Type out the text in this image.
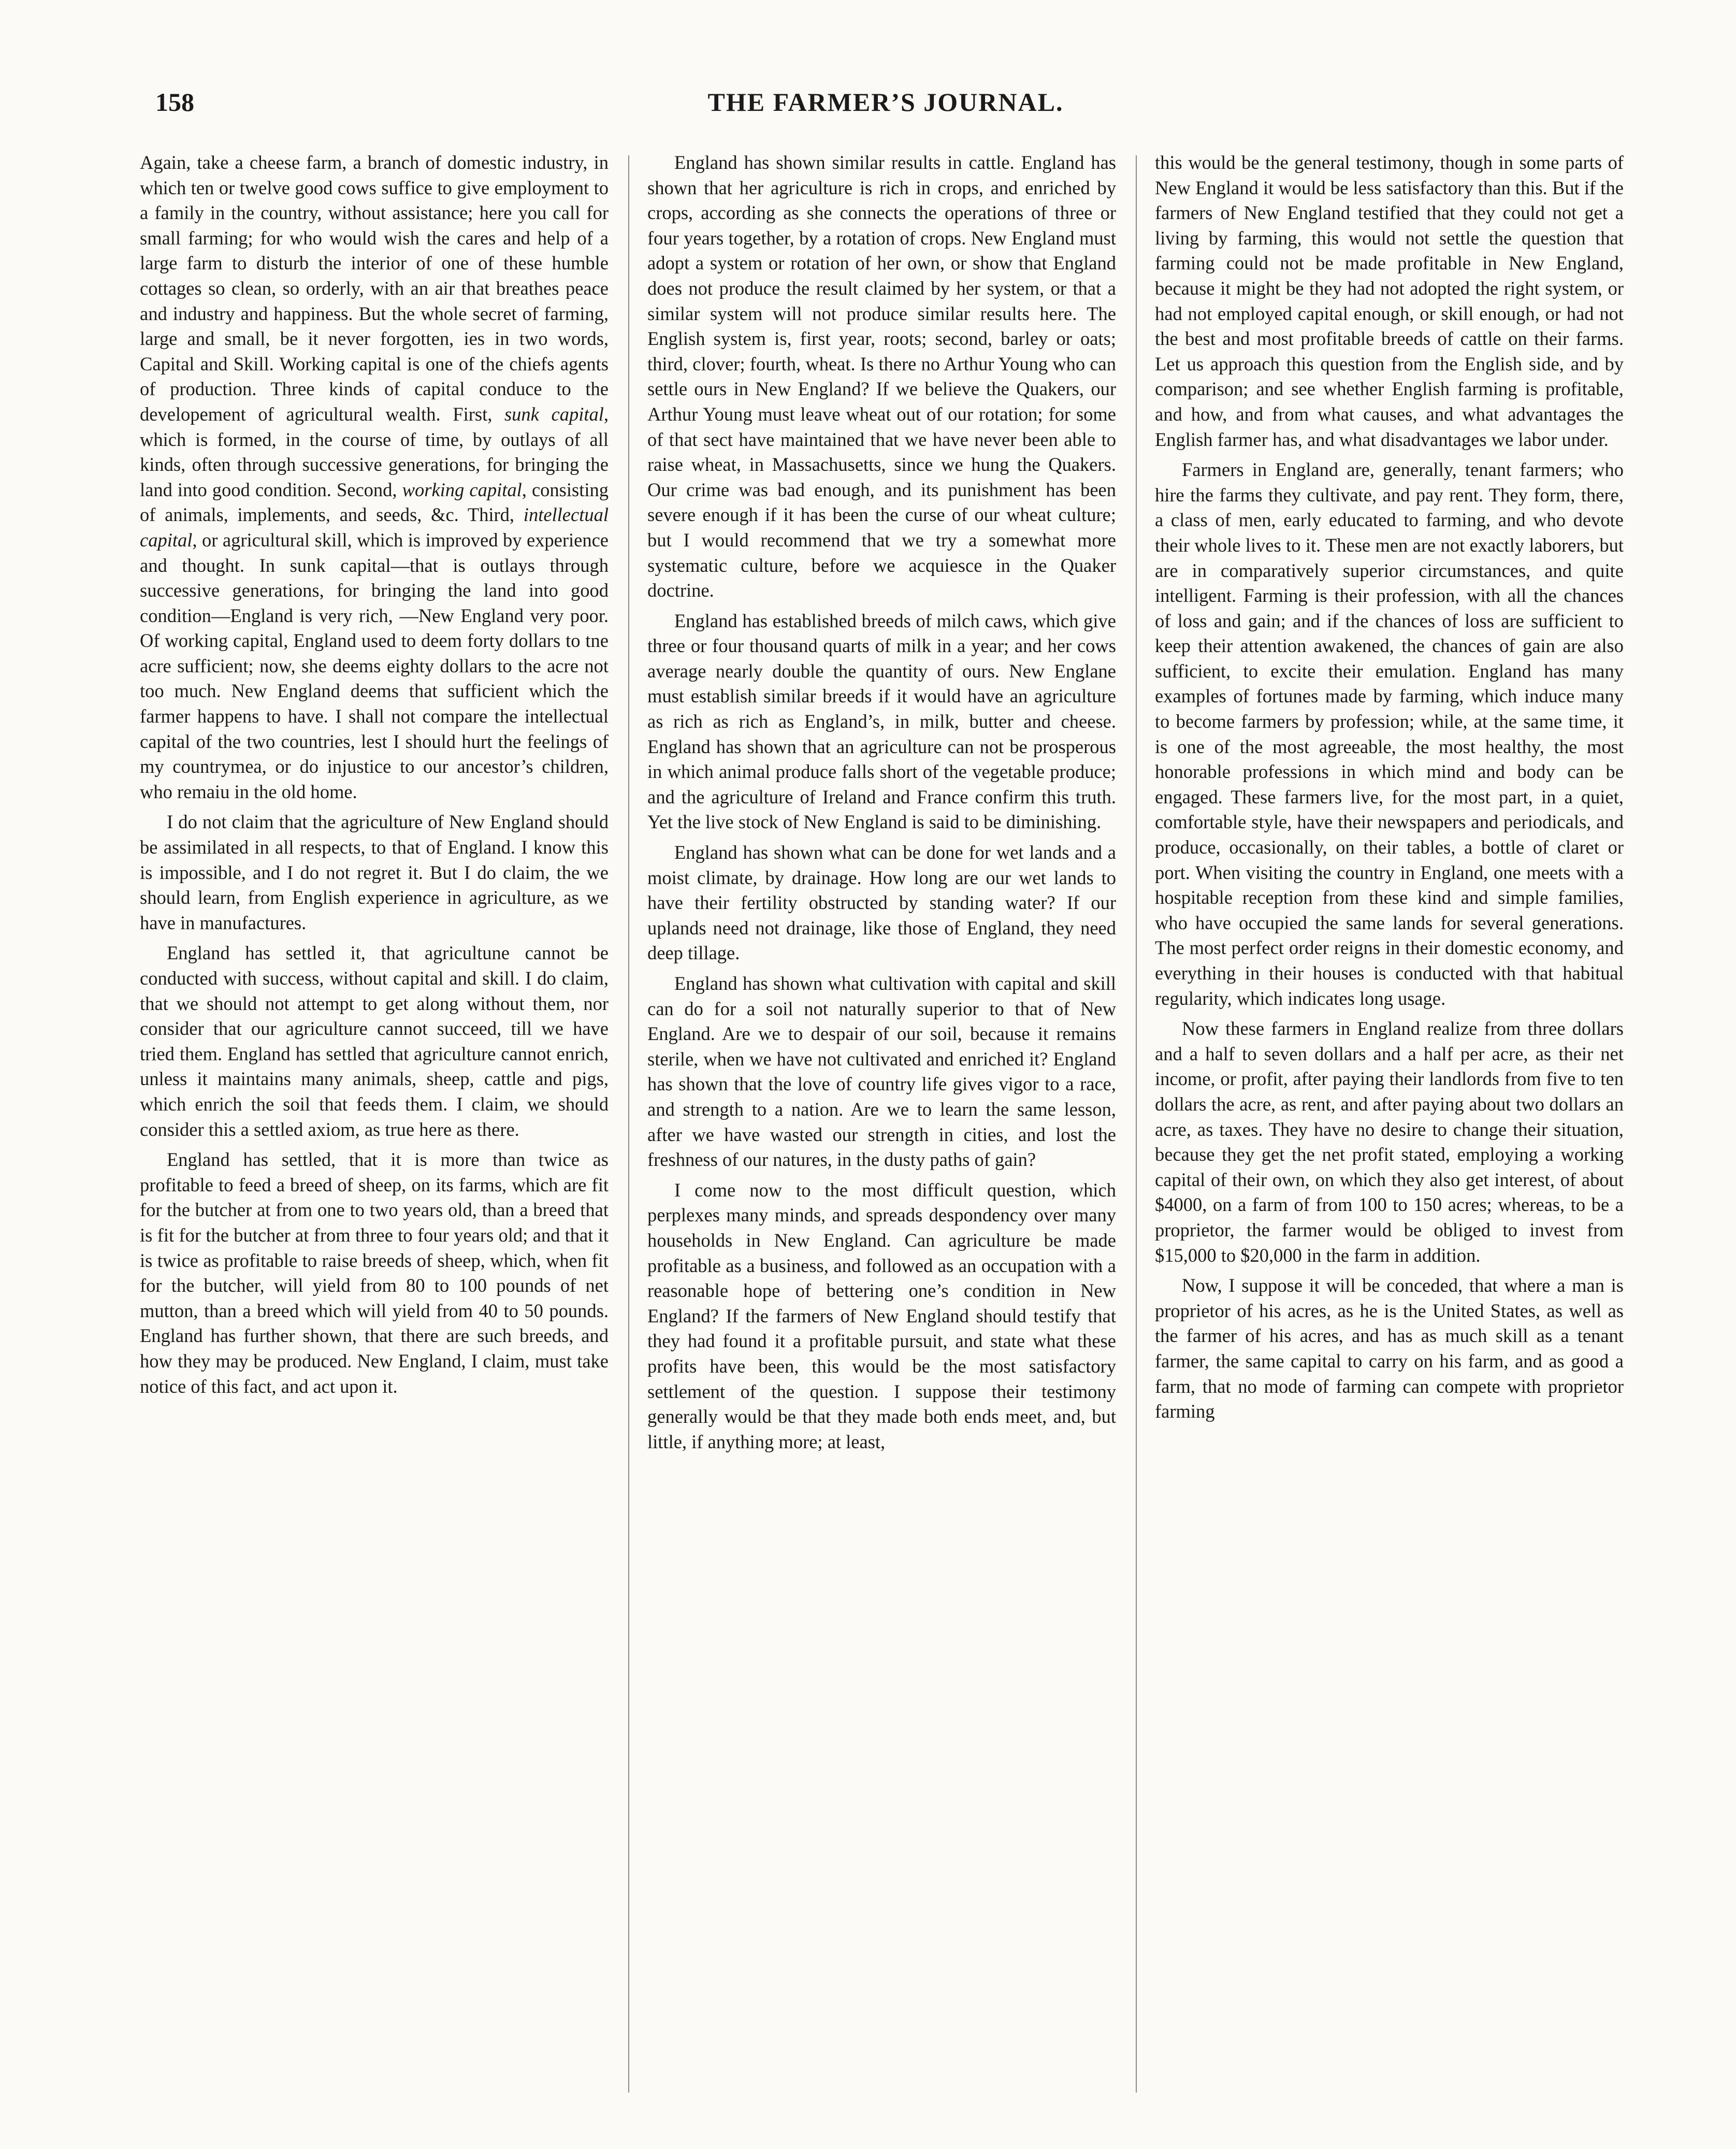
158	THE FARMER’S JOURNAL.

Again, take a cheese farm, a branch of domestic industry, in which ten or twelve good cows suffice to give employment to a family in the country, without assistance; here you call for small farming; for who would wish the cares and help of a large farm to disturb the interior of one of these humble cottages so clean, so orderly, with an air that breathes peace and industry and happiness. But the whole secret of farming, large and small, be it never forgotten, ies in two words, Capital and Skill. Working capital is one of the chiefs agents of production. Three kinds of capital conduce to the developement of agricultural wealth. First, sunk capital, which is formed, in the course of time, by outlays of all kinds, often through successive generations, for bringing the land into good condition. Second, working capital, consisting of animals, implements, and seeds, &c. Third, intellectual capital, or agricultural skill, which is improved by experience and thought. In sunk capital—that is outlays through successive generations, for bringing the land into good condition—England is very rich, —New England very poor. Of working capital, England used to deem forty dollars to tne acre sufficient; now, she deems eighty dollars to the acre not too much. New England deems that sufficient which the farmer happens to have. I shall not compare the intellectual capital of the two countries, lest I should hurt the feelings of my countrymea, or do injustice to our ancestor’s children, who remaiu in the old home.

I do not claim that the agriculture of New England should be assimilated in all respects, to that of England. I know this is impossible, and I do not regret it. But I do claim, the we should learn, from English experience in agriculture, as we have in manufactures.

England has settled it, that agricultune cannot be conducted with success, without capital and skill. I do claim, that we should not attempt to get along without them, nor consider that our agriculture cannot succeed, till we have tried them. England has settled that agriculture cannot enrich, unless it maintains many animals, sheep, cattle and pigs, which enrich the soil that feeds them. I claim, we should consider this a settled axiom, as true here as there.

England has settled, that it is more than twice as profitable to feed a breed of sheep, on its farms, which are fit for the butcher at from one to two years old, than a breed that is fit for the butcher at from three to four years old; and that it is twice as profitable to raise breeds of sheep, which, when fit for the butcher, will yield from 80 to 100 pounds of net mutton, than a breed which will yield from 40 to 50 pounds. England has further shown, that there are such breeds, and how they may be produced. New England, I claim, must take notice of this fact, and act upon it.

England has shown similar results in cattle. England has shown that her agriculture is rich in crops, and enriched by crops, according as she connects the operations of three or four years together, by a rotation of crops. New England must adopt a system or rotation of her own, or show that England does not produce the result claimed by her system, or that a similar system will not produce similar results here. The English system is, first year, roots; second, barley or oats; third, clover; fourth, wheat. Is there no Arthur Young who can settle ours in New England? If we believe the Quakers, our Arthur Young must leave wheat out of our rotation; for some of that sect have maintained that we have never been able to raise wheat, in Massachusetts, since we hung the Quakers. Our crime was bad enough, and its punishment has been severe enough if it has been the curse of our wheat culture; but I would recommend that we try a somewhat more systematic culture, before we acquiesce in the Quaker doctrine.

England has established breeds of milch caws, which give three or four thousand quarts of milk in a year; and her cows average nearly double the quantity of ours. New Englane must establish similar breeds if it would have an agriculture as rich as rich as England’s, in milk, butter and cheese. England has shown that an agriculture can not be prosperous in which animal produce falls short of the vegetable produce; and the agriculture of Ireland and France confirm this truth. Yet the live stock of New England is said to be diminishing.

England has shown what can be done for wet lands and a moist climate, by drainage. How long are our wet lands to have their fertility obstructed by standing water? If our uplands need not drainage, like those of England, they need deep tillage.

England has shown what cultivation with capital and skill can do for a soil not naturally superior to that of New England. Are we to despair of our soil, because it remains sterile, when we have not cultivated and enriched it? England has shown that the love of country life gives vigor to a race, and strength to a nation. Are we to learn the same lesson, after we have wasted our strength in cities, and lost the freshness of our natures, in the dusty paths of gain?

I come now to the most difficult question, which perplexes many minds, and spreads despondency over many households in New England. Can agriculture be made profitable as a business, and followed as an occupation with a reasonable hope of bettering one’s condition in New England? If the farmers of New England should testify that they had found it a profitable pursuit, and state what these profits have been, this would be the most satisfactory settlement of the question. I suppose their testimony generally would be that they made both ends meet, and, but little, if anything more; at least,

this would be the general testimony, though in some parts of New England it would be less satisfactory than this. But if the farmers of New England testified that they could not get a living by farming, this would not settle the question that farming could not be made profitable in New England, because it might be they had not adopted the right system, or had not employed capital enough, or skill enough, or had not the best and most profitable breeds of cattle on their farms. Let us approach this question from the English side, and by comparison; and see whether English farming is profitable, and how, and from what causes, and what advantages the English farmer has, and what disadvantages we labor under.

Farmers in England are, generally, tenant farmers; who hire the farms they cultivate, and pay rent. They form, there, a class of men, early educated to farming, and who devote their whole lives to it. These men are not exactly laborers, but are in comparatively superior circumstances, and quite intelligent. Farming is their profession, with all the chances of loss and gain; and if the chances of loss are sufficient to keep their attention awakened, the chances of gain are also sufficient, to excite their emulation. England has many examples of fortunes made by farming, which induce many to become farmers by profession; while, at the same time, it is one of the most agreeable, the most healthy, the most honorable professions in which mind and body can be engaged. These farmers live, for the most part, in a quiet, comfortable style, have their newspapers and periodicals, and produce, occasionally, on their tables, a bottle of claret or port. When visiting the country in England, one meets with a hospitable reception from these kind and simple families, who have occupied the same lands for several generations. The most perfect order reigns in their domestic economy, and everything in their houses is conducted with that habitual regularity, which indicates long usage.

Now these farmers in England realize from three dollars and a half to seven dollars and a half per acre, as their net income, or profit, after paying their landlords from five to ten dollars the acre, as rent, and after paying about two dollars an acre, as taxes. They have no desire to change their situation, because they get the net profit stated, employing a working capital of their own, on which they also get interest, of about $4000, on a farm of from 100 to 150 acres; whereas, to be a proprietor, the farmer would be obliged to invest from $15,000 to $20,000 in the farm in addition.

Now, I suppose it will be conceded, that where a man is proprietor of his acres, as he is the United States, as well as the farmer of his acres, and has as much skill as a tenant farmer, the same capital to carry on his farm, and as good a farm, that no mode of farming can compete with proprietor farming
